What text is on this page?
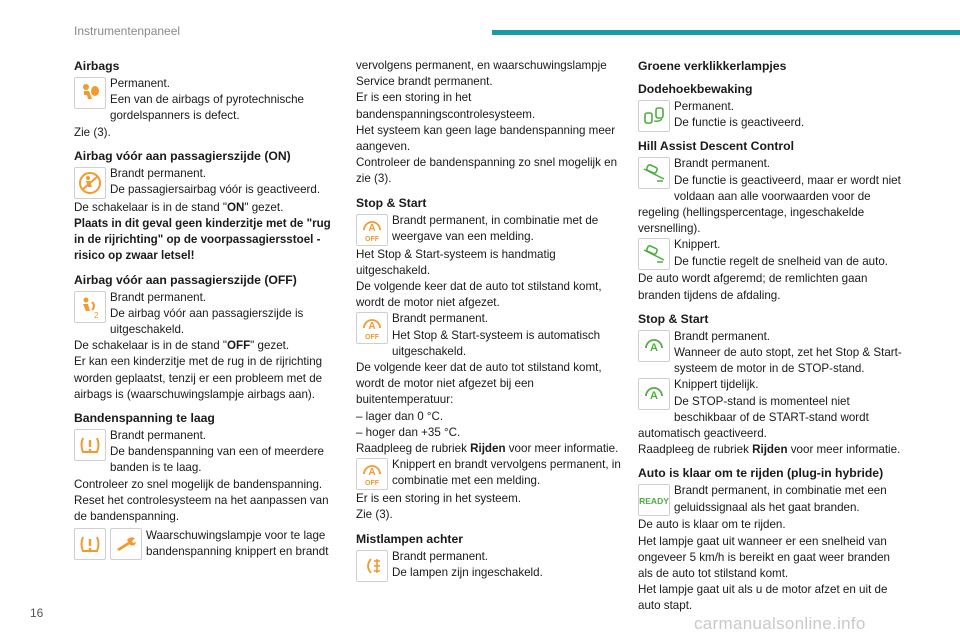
Instrumentenpaneel
Airbags

Permanent.

Een van de airbags of pyrotechnische gordelspanners is defect.

Zie (3).

Airbag vóór aan passagierszijde (ON)

Brandt permanent.

De passagiersairbag vóór is geactiveerd.

De schakelaar is in de stand "ON" gezet.

Plaats in dit geval geen kinderzitje met de "rug in de rijrichting" op de voorpassagiersstoel - risico op zwaar letsel!

Airbag vóór aan passagierszijde (OFF)
2

Brandt permanent.

De airbag vóór aan passagierszijde is uitgeschakeld.

De schakelaar is in de stand "OFF" gezet.

Er kan een kinderzitje met de rug in de rijrichting worden geplaatst, tenzij er een probleem met de airbags is (waarschuwingslampje airbags aan).

Bandenspanning te laag

Brandt permanent.

De bandenspanning van een of meerdere banden is te laag.

Controleer zo snel mogelijk de bandenspanning.

Reset het controlesysteem na het aanpassen van de bandenspanning.

Waarschuwingslampje voor te lage bandenspanning knippert en brandt

vervolgens permanent, en waarschuwingslampje Service brandt permanent.

Er is een storing in het bandenspanningscontrolesysteem.

Het systeem kan geen lage bandenspanning meer aangeven.

Controleer de bandenspanning zo snel mogelijk en zie (3).

Stop & Start
A
OFF

Brandt permanent, in combinatie met de weergave van een melding.

Het Stop & Start-systeem is handmatig uitgeschakeld.

De volgende keer dat de auto tot stilstand komt, wordt de motor niet afgezet.

A
OFF

Brandt permanent.

Het Stop & Start-systeem is automatisch uitgeschakeld.

De volgende keer dat de auto tot stilstand komt, wordt de motor niet afgezet bij een buitentemperatuur:

– lager dan 0 °C.

– hoger dan +35 °C.

Raadpleeg de rubriek Rijden voor meer informatie.

A
OFF

Knippert en brandt vervolgens permanent, in combinatie met een melding.

Er is een storing in het systeem.

Zie (3).

Mistlampen achter

Brandt permanent.

De lampen zijn ingeschakeld.

Groene verklikkerlampjes
Dodehoekbewaking

Permanent.

De functie is geactiveerd.

Hill Assist Descent Control

Brandt permanent.

De functie is geactiveerd, maar er wordt niet voldaan aan alle voorwaarden voor de regeling (hellingspercentage, ingeschakelde versnelling).

Knippert.

De functie regelt de snelheid van de auto.

De auto wordt afgeremd; de remlichten gaan branden tijdens de afdaling.

Stop & Start
A

Brandt permanent.

Wanneer de auto stopt, zet het Stop & Start-systeem de motor in de STOP-stand.

A

Knippert tijdelijk.

De STOP-stand is momenteel niet beschikbaar of de START-stand wordt automatisch geactiveerd.

Raadpleeg de rubriek Rijden voor meer informatie.

Auto is klaar om te rijden (plug-in hybride)
READY

Brandt permanent, in combinatie met een geluidssignaal als het gaat branden.

De auto is klaar om te rijden.

Het lampje gaat uit wanneer er een snelheid van ongeveer 5 km/h is bereikt en gaat weer branden als de auto tot stilstand komt.

Het lampje gaat uit als u de motor afzet en uit de auto stapt.

16
carmanualsonline.info
